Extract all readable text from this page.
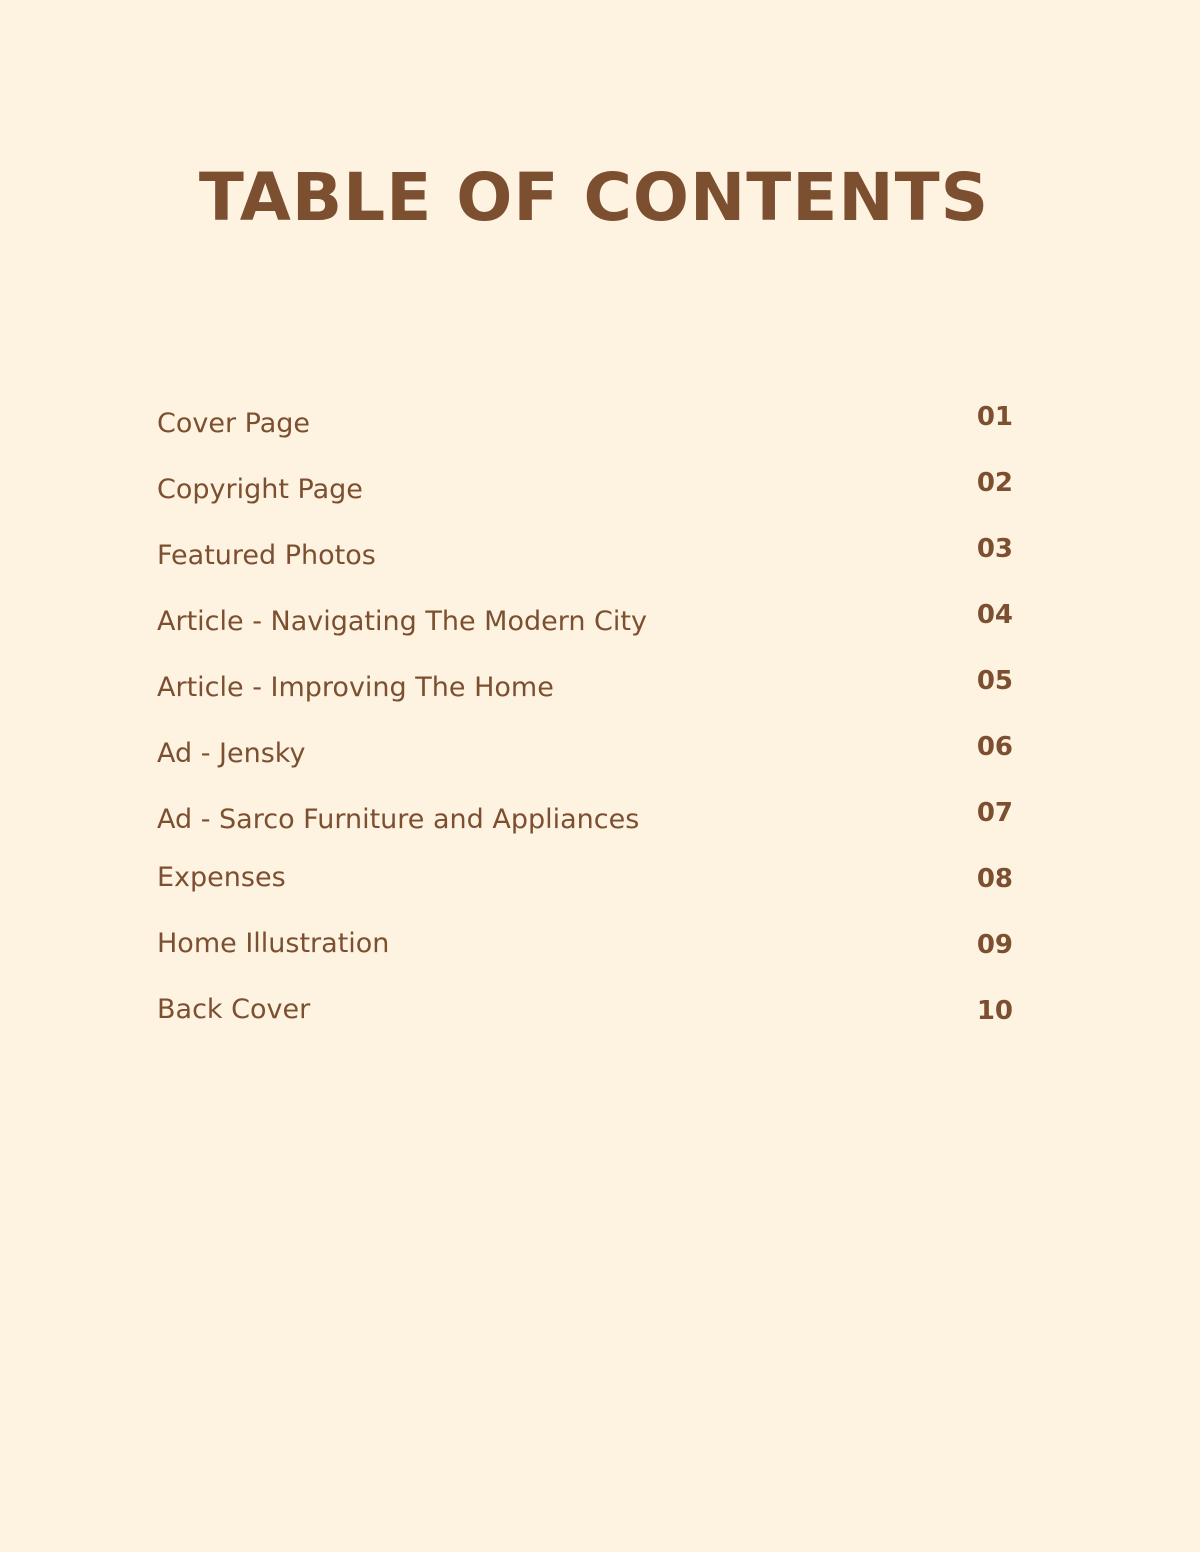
TABLE OF CONTENTS
Cover Page	01
Copyright Page	02
Featured Photos	03
Article - Navigating The Modern City	04
Article - Improving The Home	05
Ad - Jensky	06
Ad - Sarco Furniture and Appliances	07
Expenses	08
Home Illustration	09
Back Cover	10
